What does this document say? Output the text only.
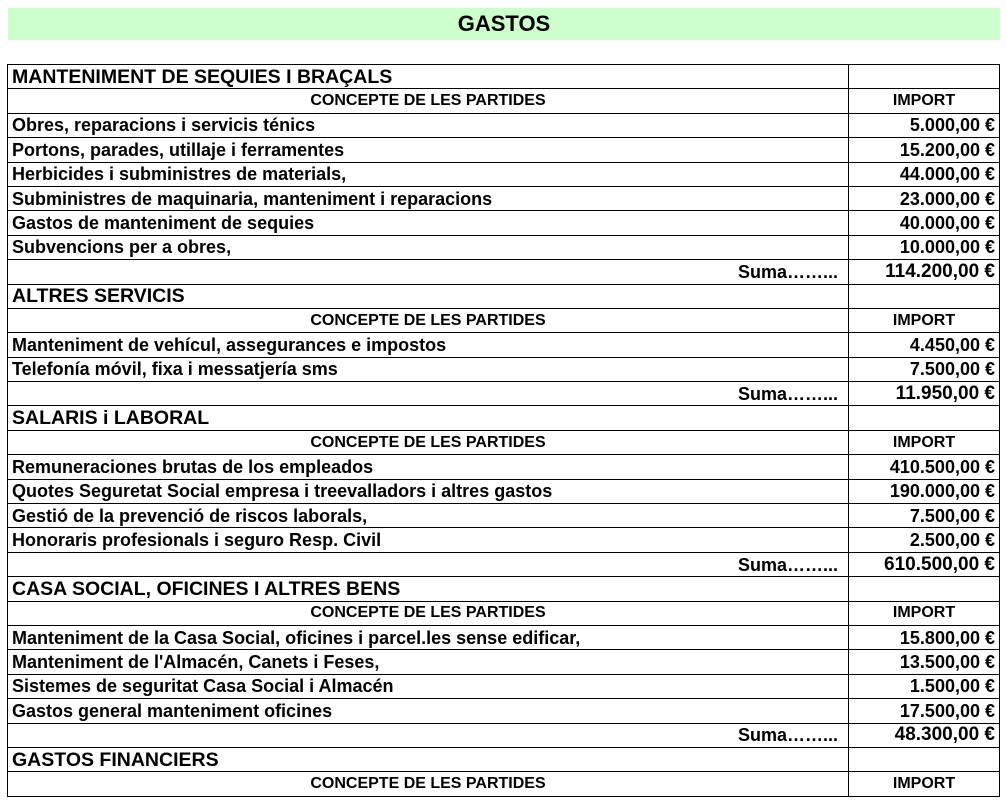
GASTOS
MANTENIMENT DE SEQUIES I BRAÇALS	
CONCEPTE DE LES PARTIDES	IMPORT
Obres, reparacions i servicis ténics	5.000,00 €
Portons, parades, utillaje i ferramentes	15.200,00 €
Herbicides i subministres de materials,	44.000,00 €
Subministres de maquinaria, manteniment i reparacions	23.000,00 €
Gastos de manteniment de sequies	40.000,00 €
Subvencions per a obres,	10.000,00 €
Suma……...	114.200,00 €
ALTRES SERVICIS	
CONCEPTE DE LES PARTIDES	IMPORT
Manteniment de vehícul, assegurances e impostos	4.450,00 €
Telefonía móvil, fixa i messatjería sms	7.500,00 €
Suma……...	11.950,00 €
SALARIS i LABORAL	
CONCEPTE DE LES PARTIDES	IMPORT
Remuneraciones brutas de los empleados	410.500,00 €
Quotes Seguretat Social empresa i treevalladors i altres gastos	190.000,00 €
Gestió de la prevenció de riscos laborals,	7.500,00 €
Honoraris profesionals i seguro Resp. Civil	2.500,00 €
Suma……...	610.500,00 €
CASA SOCIAL, OFICINES I ALTRES BENS	
CONCEPTE DE LES PARTIDES	IMPORT
Manteniment de la Casa Social, oficines i parcel.les sense edificar,	15.800,00 €
Manteniment de l'Almacén, Canets i Feses,	13.500,00 €
Sistemes de seguritat Casa Social i Almacén	1.500,00 €
Gastos general manteniment oficines	17.500,00 €
Suma……...	48.300,00 €
GASTOS FINANCIERS	
CONCEPTE DE LES PARTIDES	IMPORT
